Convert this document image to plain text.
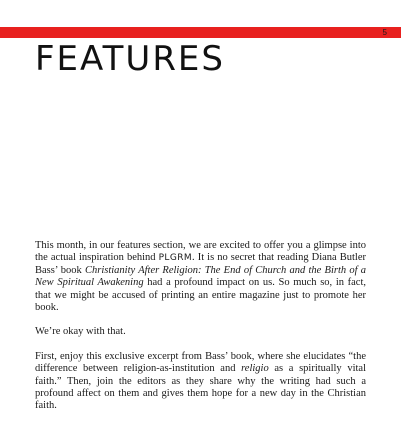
5
FEATURES

This month, in our features section, we are excited to offer you a glimpse into the actual inspiration behind PLGRM. It is no secret that reading Diana Butler Bass’ book Christianity After Religion: The End of Church and the Birth of a New Spiritual Awakening had a profound impact on us. So much so, in fact, that we might be accused of printing an entire magazine just to promote her book.

We’re okay with that.

First, enjoy this exclusive excerpt from Bass’ book, where she elucidates “the difference between religion-as-institution and religio as a spiritually vital faith.” Then, join the editors as they share why the writing had such a profound affect on them and gives them hope for a new day in the Christian faith.
